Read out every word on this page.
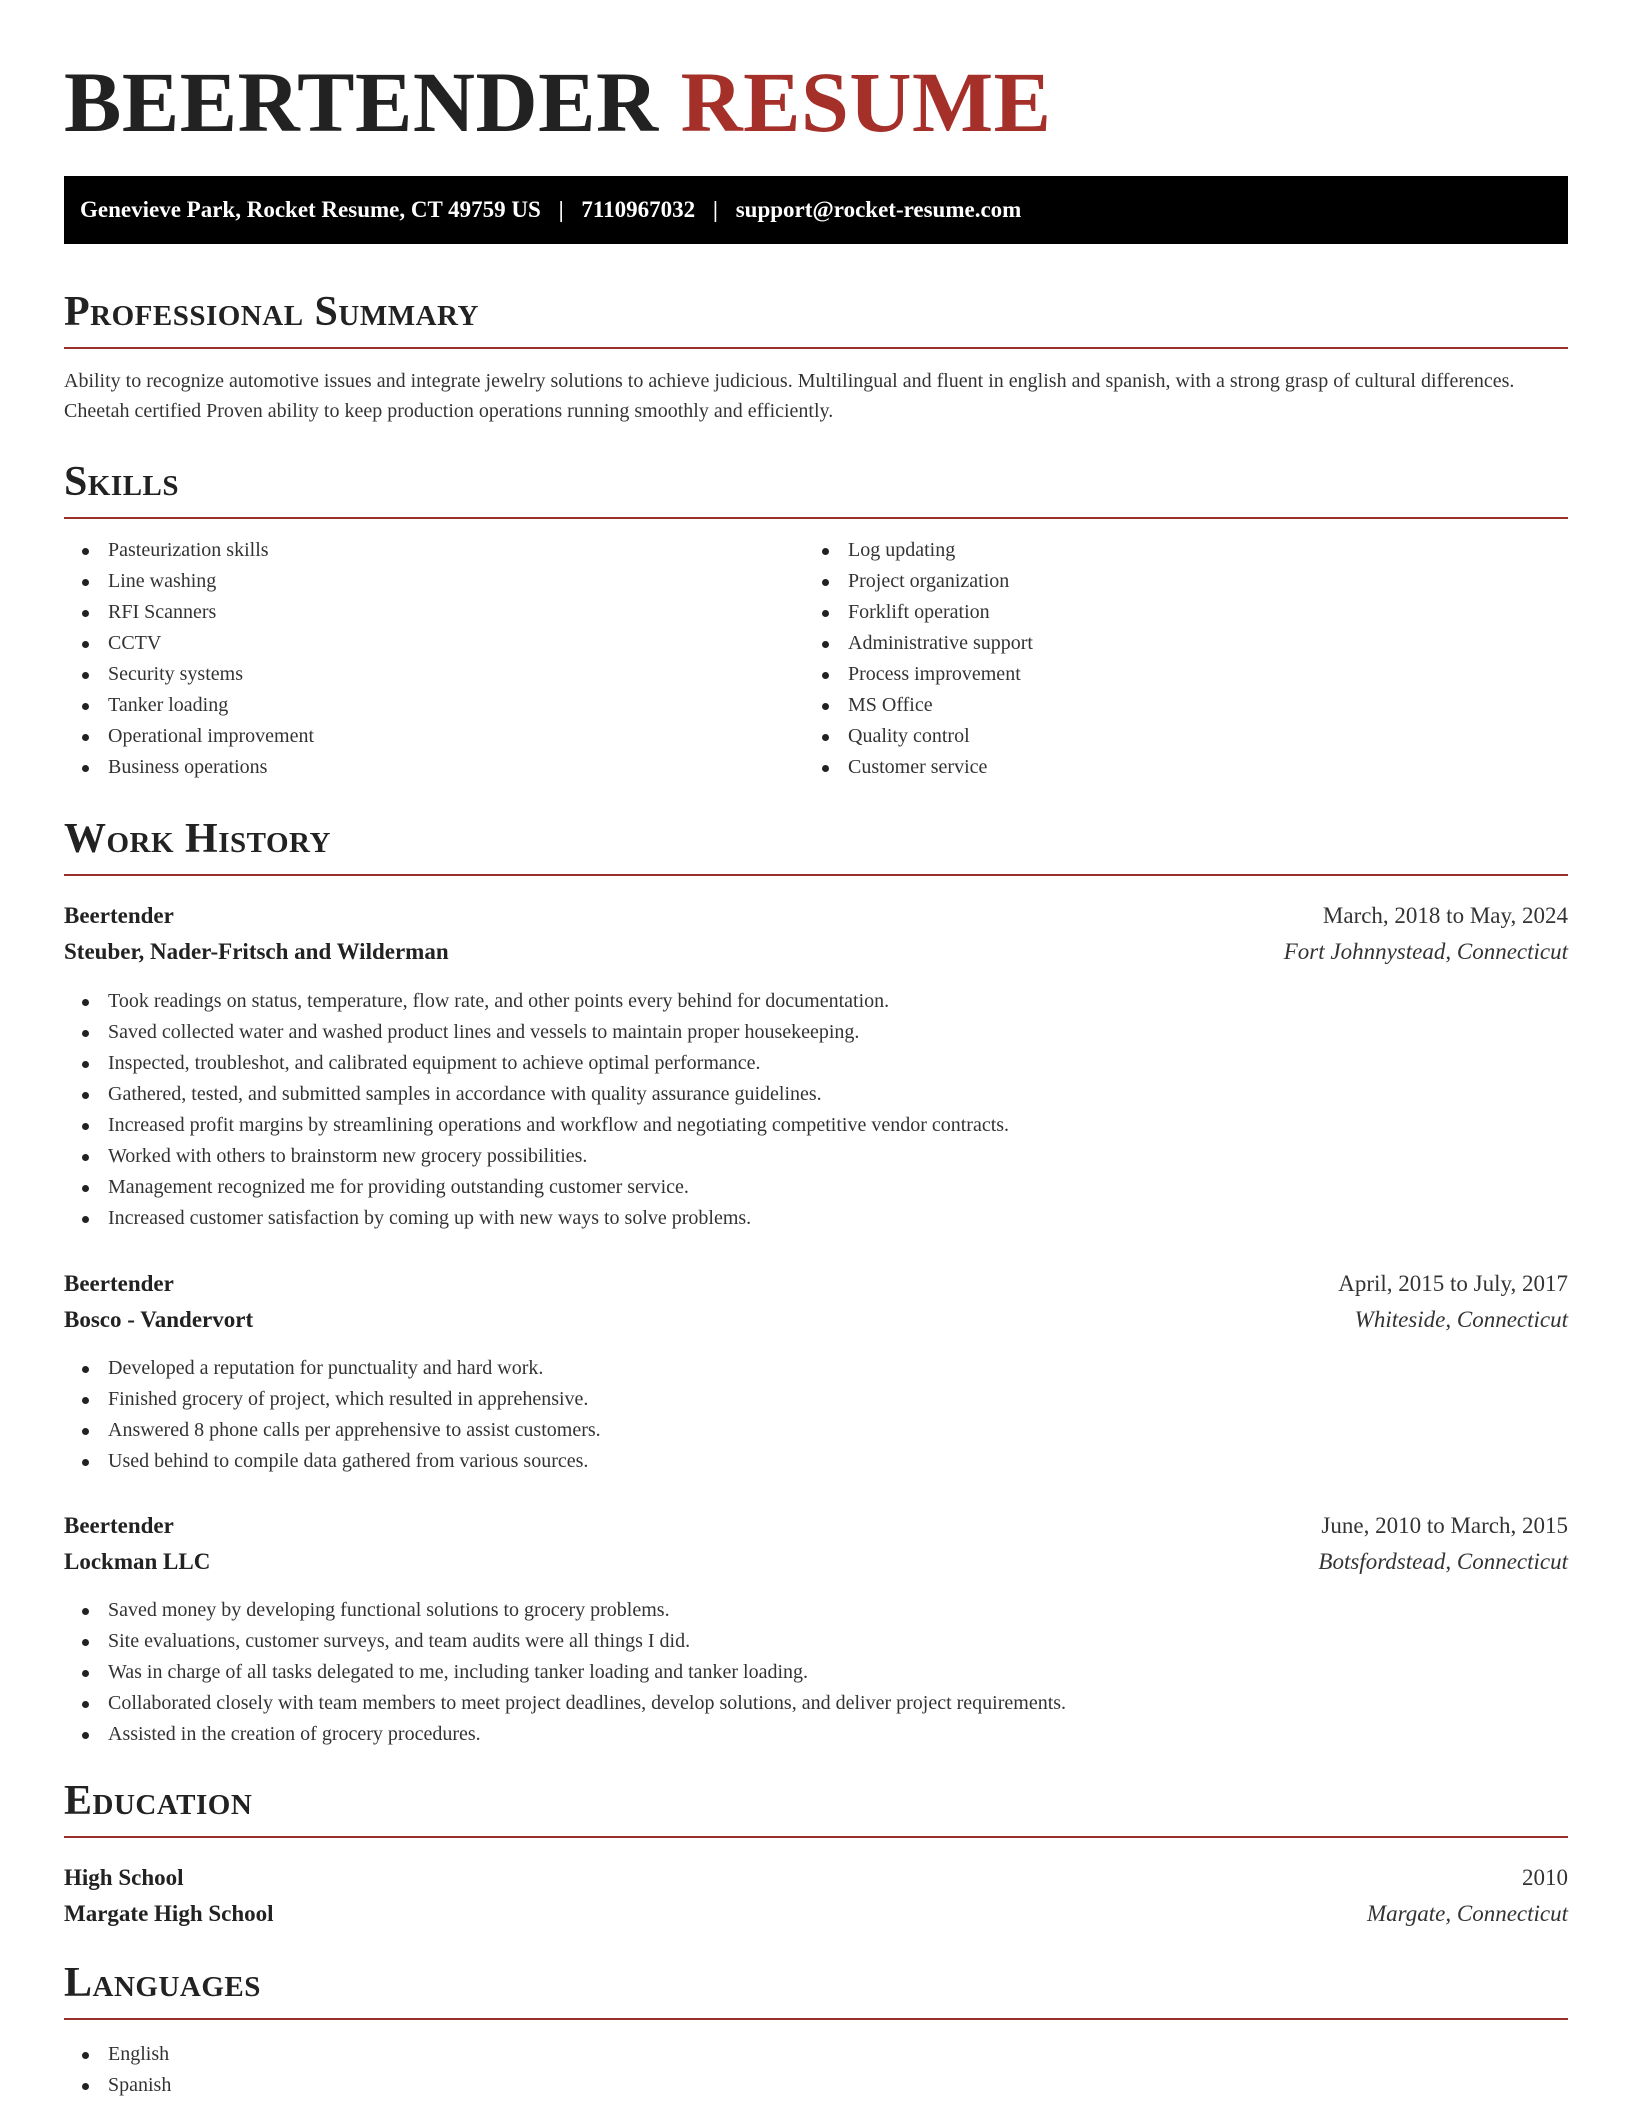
BEERTENDER RESUME
Genevieve Park, Rocket Resume, CT 49759 US | 7110967032 | support@rocket-resume.com
Professional Summary
Ability to recognize automotive issues and integrate jewelry solutions to achieve judicious. Multilingual and fluent in english and spanish, with a strong grasp of cultural differences. Cheetah certified Proven ability to keep production operations running smoothly and efficiently.
Skills
Pasteurization skills
Line washing
RFI Scanners
CCTV
Security systems
Tanker loading
Operational improvement
Business operations
Log updating
Project organization
Forklift operation
Administrative support
Process improvement
MS Office
Quality control
Customer service
Work History
Beertender	March, 2018 to May, 2024
Steuber, Nader-Fritsch and Wilderman	Fort Johnnystead, Connecticut
Took readings on status, temperature, flow rate, and other points every behind for documentation.
Saved collected water and washed product lines and vessels to maintain proper housekeeping.
Inspected, troubleshot, and calibrated equipment to achieve optimal performance.
Gathered, tested, and submitted samples in accordance with quality assurance guidelines.
Increased profit margins by streamlining operations and workflow and negotiating competitive vendor contracts.
Worked with others to brainstorm new grocery possibilities.
Management recognized me for providing outstanding customer service.
Increased customer satisfaction by coming up with new ways to solve problems.
Beertender	April, 2015 to July, 2017
Bosco - Vandervort	Whiteside, Connecticut
Developed a reputation for punctuality and hard work.
Finished grocery of project, which resulted in apprehensive.
Answered 8 phone calls per apprehensive to assist customers.
Used behind to compile data gathered from various sources.
Beertender	June, 2010 to March, 2015
Lockman LLC	Botsfordstead, Connecticut
Saved money by developing functional solutions to grocery problems.
Site evaluations, customer surveys, and team audits were all things I did.
Was in charge of all tasks delegated to me, including tanker loading and tanker loading.
Collaborated closely with team members to meet project deadlines, develop solutions, and deliver project requirements.
Assisted in the creation of grocery procedures.
Education
High School	2010
Margate High School	Margate, Connecticut
Languages
English
Spanish
